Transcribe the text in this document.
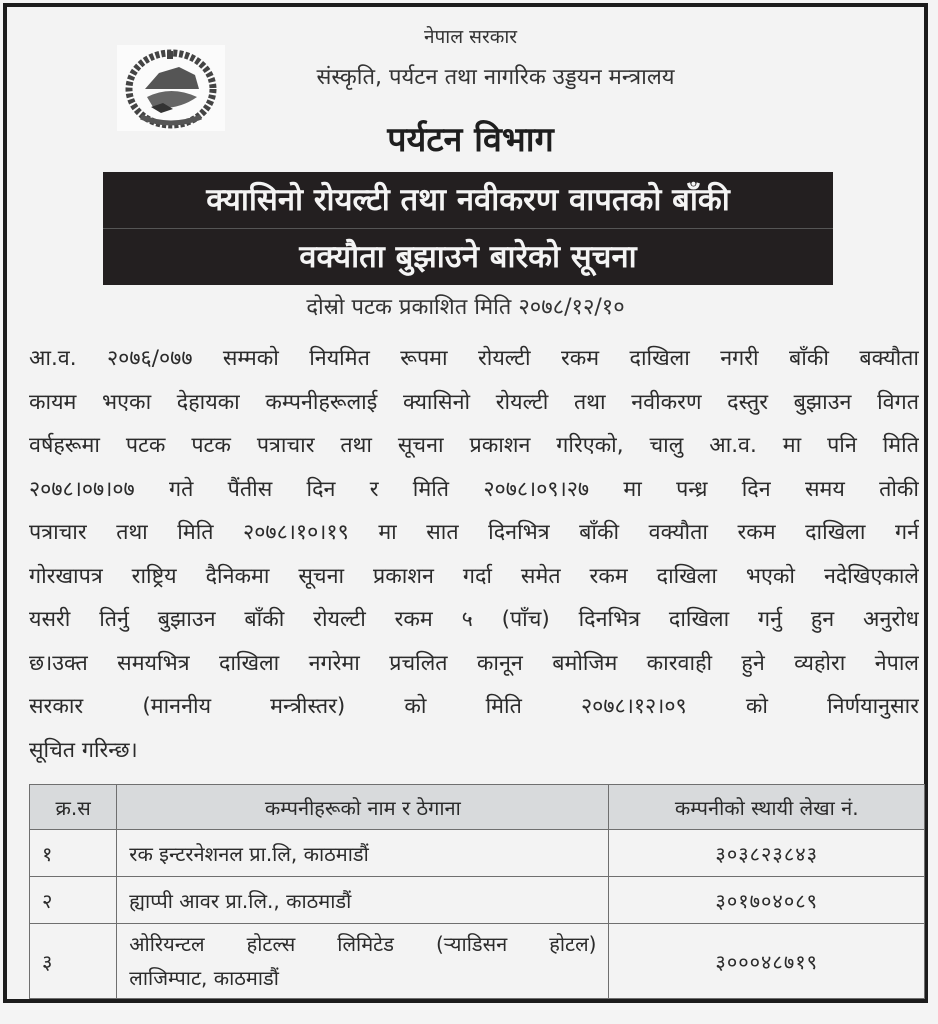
नेपाल सरकार
संस्कृति, पर्यटन तथा नागरिक उड्डयन मन्त्रालय
पर्यटन विभाग
क्यासिनो रोयल्टी तथा नवीकरण वापतको बाँकी
वक्यौता बुझाउने बारेको सूचना
दोस्रो पटक प्रकाशित मिति २०७८/१२/१०
आ.व. २०७६/०७७ सम्मको नियमित रूपमा रोयल्टी रकम दाखिला नगरी बाँकी बक्यौता
कायम भएका देहायका कम्पनीहरूलाई क्यासिनो रोयल्टी तथा नवीकरण दस्तुर बुझाउन विगत
वर्षहरूमा पटक पटक पत्राचार तथा सूचना प्रकाशन गरिएको, चालु आ.व. मा पनि मिति
२०७८।०७।०७ गते पैंतीस दिन र मिति २०७८।०९।२७ मा पन्ध्र दिन समय तोकी
पत्राचार तथा मिति २०७८।१०।१९ मा सात दिनभित्र बाँकी वक्यौता रकम दाखिला गर्न
गोरखापत्र राष्ट्रिय दैनिकमा सूचना प्रकाशन गर्दा समेत रकम दाखिला भएको नदेखिएकाले
यसरी तिर्नु बुझाउन बाँकी रोयल्टी रकम ५ (पाँच) दिनभित्र दाखिला गर्नु हुन अनुरोध
छ।उक्त समयभित्र दाखिला नगरेमा प्रचलित कानून बमोजिम कारवाही हुने व्यहोरा नेपाल
सरकार (माननीय मन्त्रीस्तर) को मिति २०७८।१२।०९ को निर्णयानुसार
सूचित गरिन्छ।
क्र.स	कम्पनीहरूको नाम र ठेगाना	कम्पनीको स्थायी लेखा नं.
१	रक इन्टरनेशनल प्रा.लि, काठमाडौं	३०३८२३८४३
२	ह्याप्पी आवर प्रा.लि., काठमाडौं	३०१७०४०८९
३	ओरियन्टल होटल्स लिमिटेड (र्‍याडिसन होटल)
लाजिम्पाट, काठमाडौं	३०००४८७१९
